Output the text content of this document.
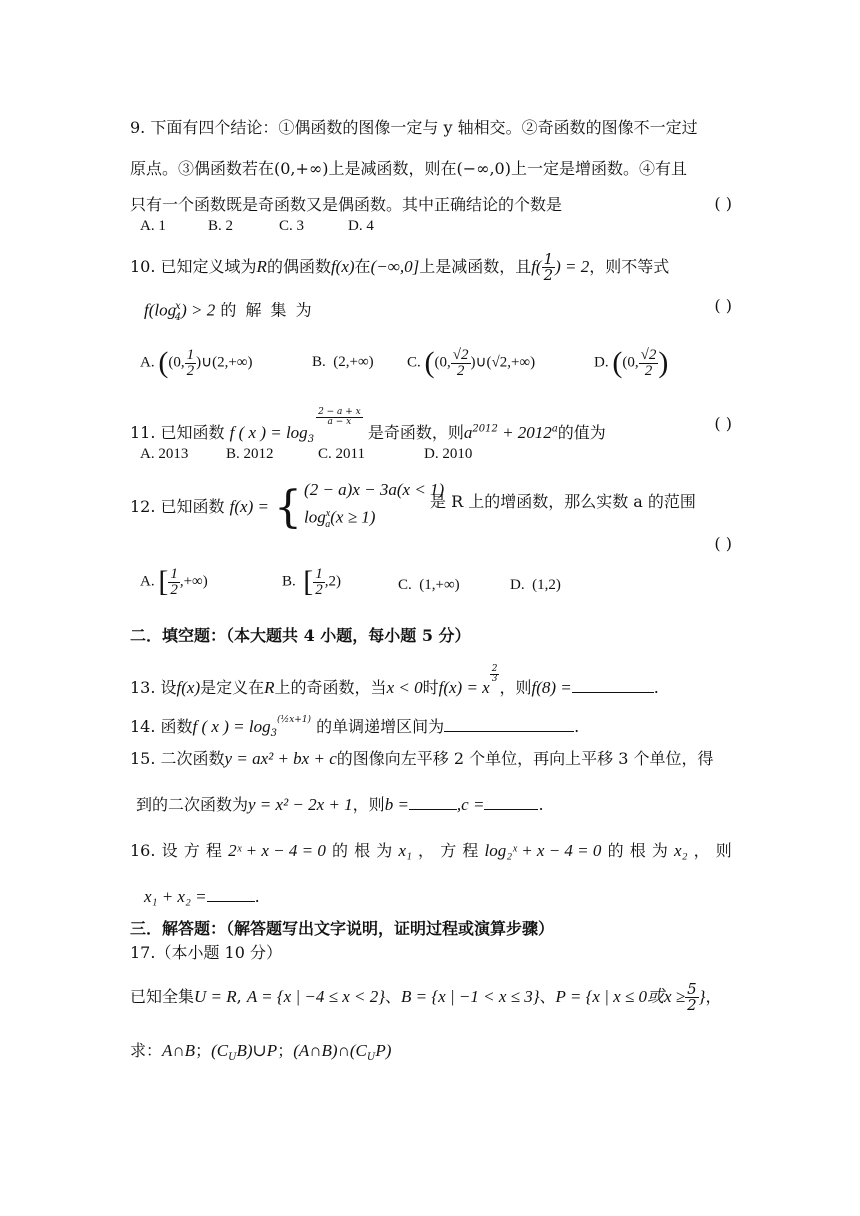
9. 下面有四个结论：①偶函数的图像一定与 y 轴相交。②奇函数的图像不一定过
原点。③偶函数若在(0,+∞)上是减函数，则在(−∞,0)上一定是增函数。④有且
只有一个函数既是奇函数又是偶函数。其中正确结论的个数是	( )
A. 1	B. 2	C. 3	D. 4
10. 已知定义域为R的偶函数f(x)在(−∞,0]上是减函数，且$f( \frac{1}{2}$ ) = 2，则不等式
$f(\log^x_4) > 2$ 的 解 集 为	( )
A. ((0, $\frac{1}{2}$ )∪(2,+∞)	B. (2,+∞) C. ((0, $\frac{√2}{2}$ )∪(√2,+∞)	D. ((0, $\frac{√2}{2}$ )
11. 已知函数 f ( x ) = $\log_3$
$\frac{2 - a + x}{a - x}$
是奇函数，则$a^{2012} + 2012^a$的值为	( )
A. 2013	B. 2012	C. 2011	D. 2010
12. 已知函数 f(x) = { (2 − a)x − 3a(x < 1)
$\log^x_a(x \ge 1)$
是 R 上的增函数，那么实数 a 的范围
( )
A. [ $\frac{1}{2}$ ,+∞)	B. [ $\frac{1}{2} ,2$)	C. (1,+∞)	D. (1,2)
二．填空题：（本大题共 4 小题，每小题 5 分）
13. 设f(x)是定义在R上的奇函数，当x < 0时f(x) = x
$\frac{2}{3}$
，则f(8) =	.
14. 函数f ( x ) = $\log_3^{(\frac{1}{2}x+1)}$ 的单调递增区间为	.
15. 二次函数y = ax² + bx + c的图像向左平移 2 个单位，再向上平移 3 个单位，得
到的二次函数为y = x² − 2x + 1，则b =	,c =	.
16. 设 方 程 2ˣ + x − 4 = 0 的 根 为 x₁ ， 方 程 log₂ˣ + x − 4 = 0 的 根 为 x₂ ， 则
x₁ + x₂ =	.
三．解答题：（解答题写出文字说明，证明过程或演算步骤）
17.（本小题 10 分）
已知全集U = R, A = {x | −4 ≤ x < 2}、B = {x | −1 < x ≤ 3}、P = {x | x ≤ 0或$x \ge \frac{5}{2}$ }，
求：A∩B；$(C_UB)\cup P$；$(A\cap B)\cap(C_UP)$
